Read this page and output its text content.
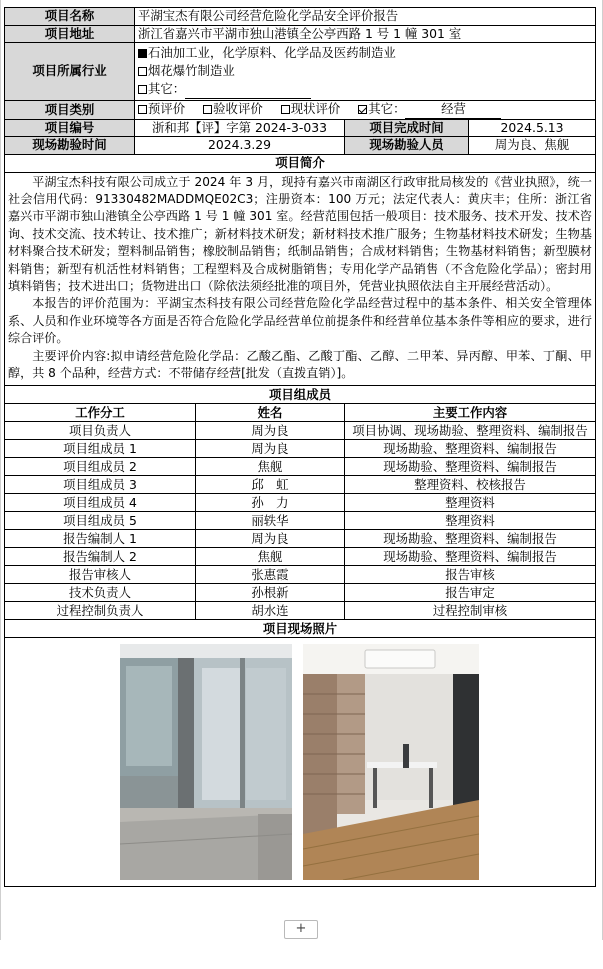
项目名称	平湖宝杰有限公司经营危险化学品安全评价报告			
项目地址	浙江省嘉兴市平湖市独山港镇全公亭西路 1 号 1 幢 301 室			
项目所属行业	石油加工业，化学原料、化学品及医药制造业
烟花爆竹制造业
其它：			

项目类别	预评价 验收评价 现状评价 其它： 经营			
项目编号	浙和邦【评】字第 2024-3-033		项目完成时间	2024.5.13
现场勘验时间	2024.3.29		现场勘验人员	周为良、焦舰
项目简介				

平湖宝杰科技有限公司成立于 2024 年 3 月，现持有嘉兴市南湖区行政审批局核发的《营业执照》，统一社会信用代码：91330482MADDMQE02C3；注册资本：100 万元；法定代表人：黄庆丰；住所：浙江省嘉兴市平湖市独山港镇全公亭西路 1 号 1 幢 301 室。经营范围包括一般项目：技术服务、技术开发、技术咨询、技术交流、技术转让、技术推广；新材料技术研发；新材料技术推广服务；生物基材料技术研发；生物基材料聚合技术研发；塑料制品销售；橡胶制品销售；纸制品销售；合成材料销售；生物基材料销售；新型膜材料销售；新型有机活性材料销售；工程塑料及合成树脂销售；专用化学产品销售（不含危险化学品）；密封用填料销售；技术进出口；货物进出口（除依法须经批准的项目外，凭营业执照依法自主开展经营活动）。

本报告的评价范围为：平湖宝杰科技有限公司经营危险化学品经营过程中的基本条件、相关安全管理体系、人员和作业环境等各方面是否符合危险化学品经营单位前提条件和经营单位基本条件等相应的要求，进行综合评价。

主要评价内容:拟申请经营危险化学品：乙酸乙酯、乙酸丁酯、乙醇、二甲苯、异丙醇、甲苯、丁酮、甲醇，共 8 个品种，经营方式：不带储存经营[批发（直拨直销）]。				

项目组成员				
工作分工		姓名	主要工作内容	
项目负责人		周为良	项目协调、现场勘验、整理资料、编制报告	
项目组成员 1		周为良	现场勘验、整理资料、编制报告	
项目组成员 2		焦舰	现场勘验、整理资料、编制报告	
项目组成员 3		邱　虹	整理资料、校核报告	
项目组成员 4		孙　力	整理资料	
项目组成员 5		丽轶华	整理资料	
报告编制人 1		周为良	现场勘验、整理资料、编制报告	
报告编制人 2		焦舰	现场勘验、整理资料、编制报告	
报告审核人		张惠霞	报告审核	
技术负责人		孙根新	报告审定	
过程控制负责人		胡水连	过程控制审核	
项目现场照片				

+
